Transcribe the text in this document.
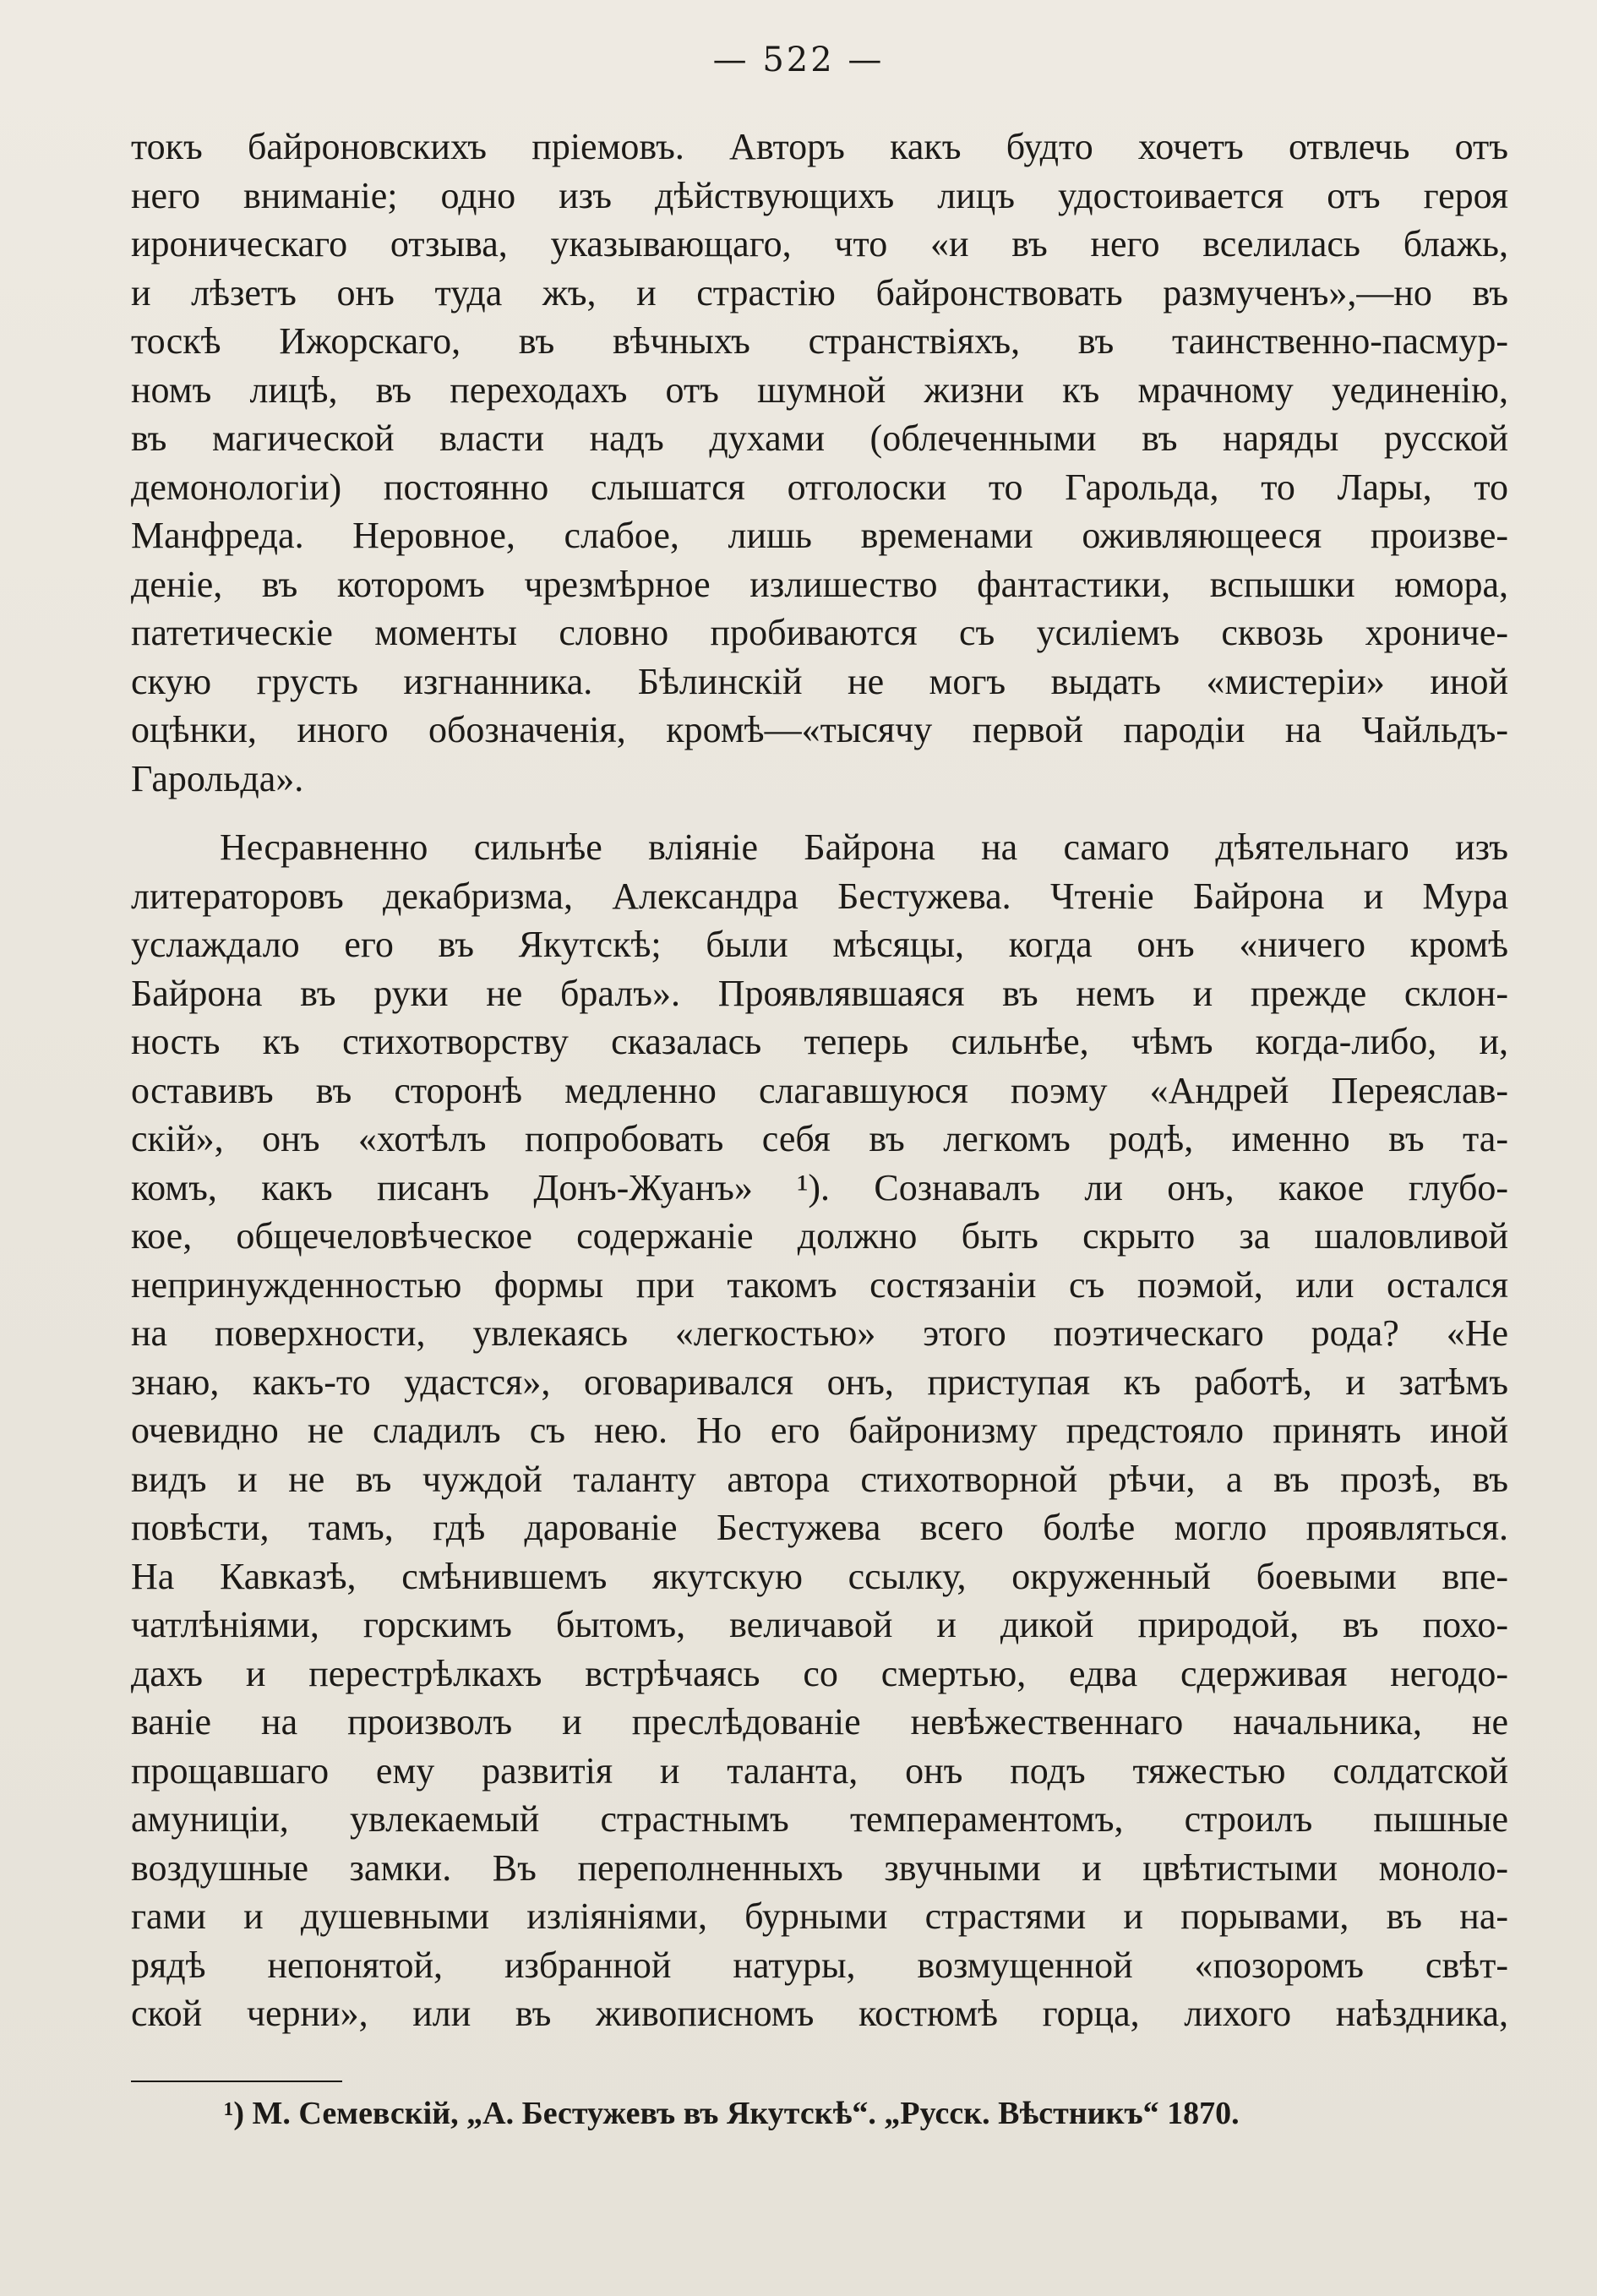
— 522 —
токъ байроновскихъ пріемовъ. Авторъ какъ будто хочетъ отвлечь отъ
него вниманіе; одно изъ дѣйствующихъ лицъ удостоивается отъ героя
ироническаго отзыва, указывающаго, что «и въ него вселилась блажь,
и лѣзетъ онъ туда жъ, и страстію байронствовать размученъ»,—но въ
тоскѣ Ижорскаго, въ вѣчныхъ странствіяхъ, въ таинственно-пасмур-
номъ лицѣ, въ переходахъ отъ шумной жизни къ мрачному уединенію,
въ магической власти надъ духами (облеченными въ наряды русской
демонологіи) постоянно слышатся отголоски то Гарольда, то Лары, то
Манфреда. Неровное, слабое, лишь временами оживляющееся произве-
деніе, въ которомъ чрезмѣрное излишество фантастики, вспышки юмора,
патетическіе моменты словно пробиваются съ усиліемъ сквозь хрониче-
скую грусть изгнанника. Бѣлинскій не могъ выдать «мистеріи» иной
оцѣнки, иного обозначенія, кромѣ—«тысячу первой пародіи на Чайльдъ-
Гарольда».
Несравненно сильнѣе вліяніе Байрона на самаго дѣятельнаго изъ
литераторовъ декабризма, Александра Бестужева. Чтеніе Байрона и Мура
услаждало его въ Якутскѣ; были мѣсяцы, когда онъ «ничего кромѣ
Байрона въ руки не бралъ». Проявлявшаяся въ немъ и прежде склон-
ность къ стихотворству сказалась теперь сильнѣе, чѣмъ когда-либо, и,
оставивъ въ сторонѣ медленно слагавшуюся поэму «Андрей Переяслав-
скій», онъ «хотѣлъ попробовать себя въ легкомъ родѣ, именно въ та-
комъ, какъ писанъ Донъ-Жуанъ» ¹). Сознавалъ ли онъ, какое глубо-
кое, общечеловѣческое содержаніе должно быть скрыто за шаловливой
непринужденностью формы при такомъ состязаніи съ поэмой, или остался
на поверхности, увлекаясь «легкостью» этого поэтическаго рода? «Не
знаю, какъ-то удастся», оговаривался онъ, приступая къ работѣ, и затѣмъ
очевидно не сладилъ съ нею. Но его байронизму предстояло принять иной
видъ и не въ чуждой таланту автора стихотворной рѣчи, а въ прозѣ, въ
повѣсти, тамъ, гдѣ дарованіе Бестужева всего болѣе могло проявляться.
На Кавказѣ, смѣнившемъ якутскую ссылку, окруженный боевыми впе-
чатлѣніями, горскимъ бытомъ, величавой и дикой природой, въ похо-
дахъ и перестрѣлкахъ встрѣчаясь со смертью, едва сдерживая негодо-
ваніе на произволъ и преслѣдованіе невѣжественнаго начальника, не
прощавшаго ему развитія и таланта, онъ подъ тяжестью солдатской
амуниціи, увлекаемый страстнымъ темпераментомъ, строилъ пышные
воздушные замки. Въ переполненныхъ звучными и цвѣтистыми моноло-
гами и душевными изліяніями, бурными страстями и порывами, въ на-
рядѣ непонятой, избранной натуры, возмущенной «позоромъ свѣт-
ской черни», или въ живописномъ костюмѣ горца, лихого наѣздника,
¹) М. Семевскій, „А. Бестужевъ въ Якутскѣ“. „Русск. Вѣстникъ“ 1870.
